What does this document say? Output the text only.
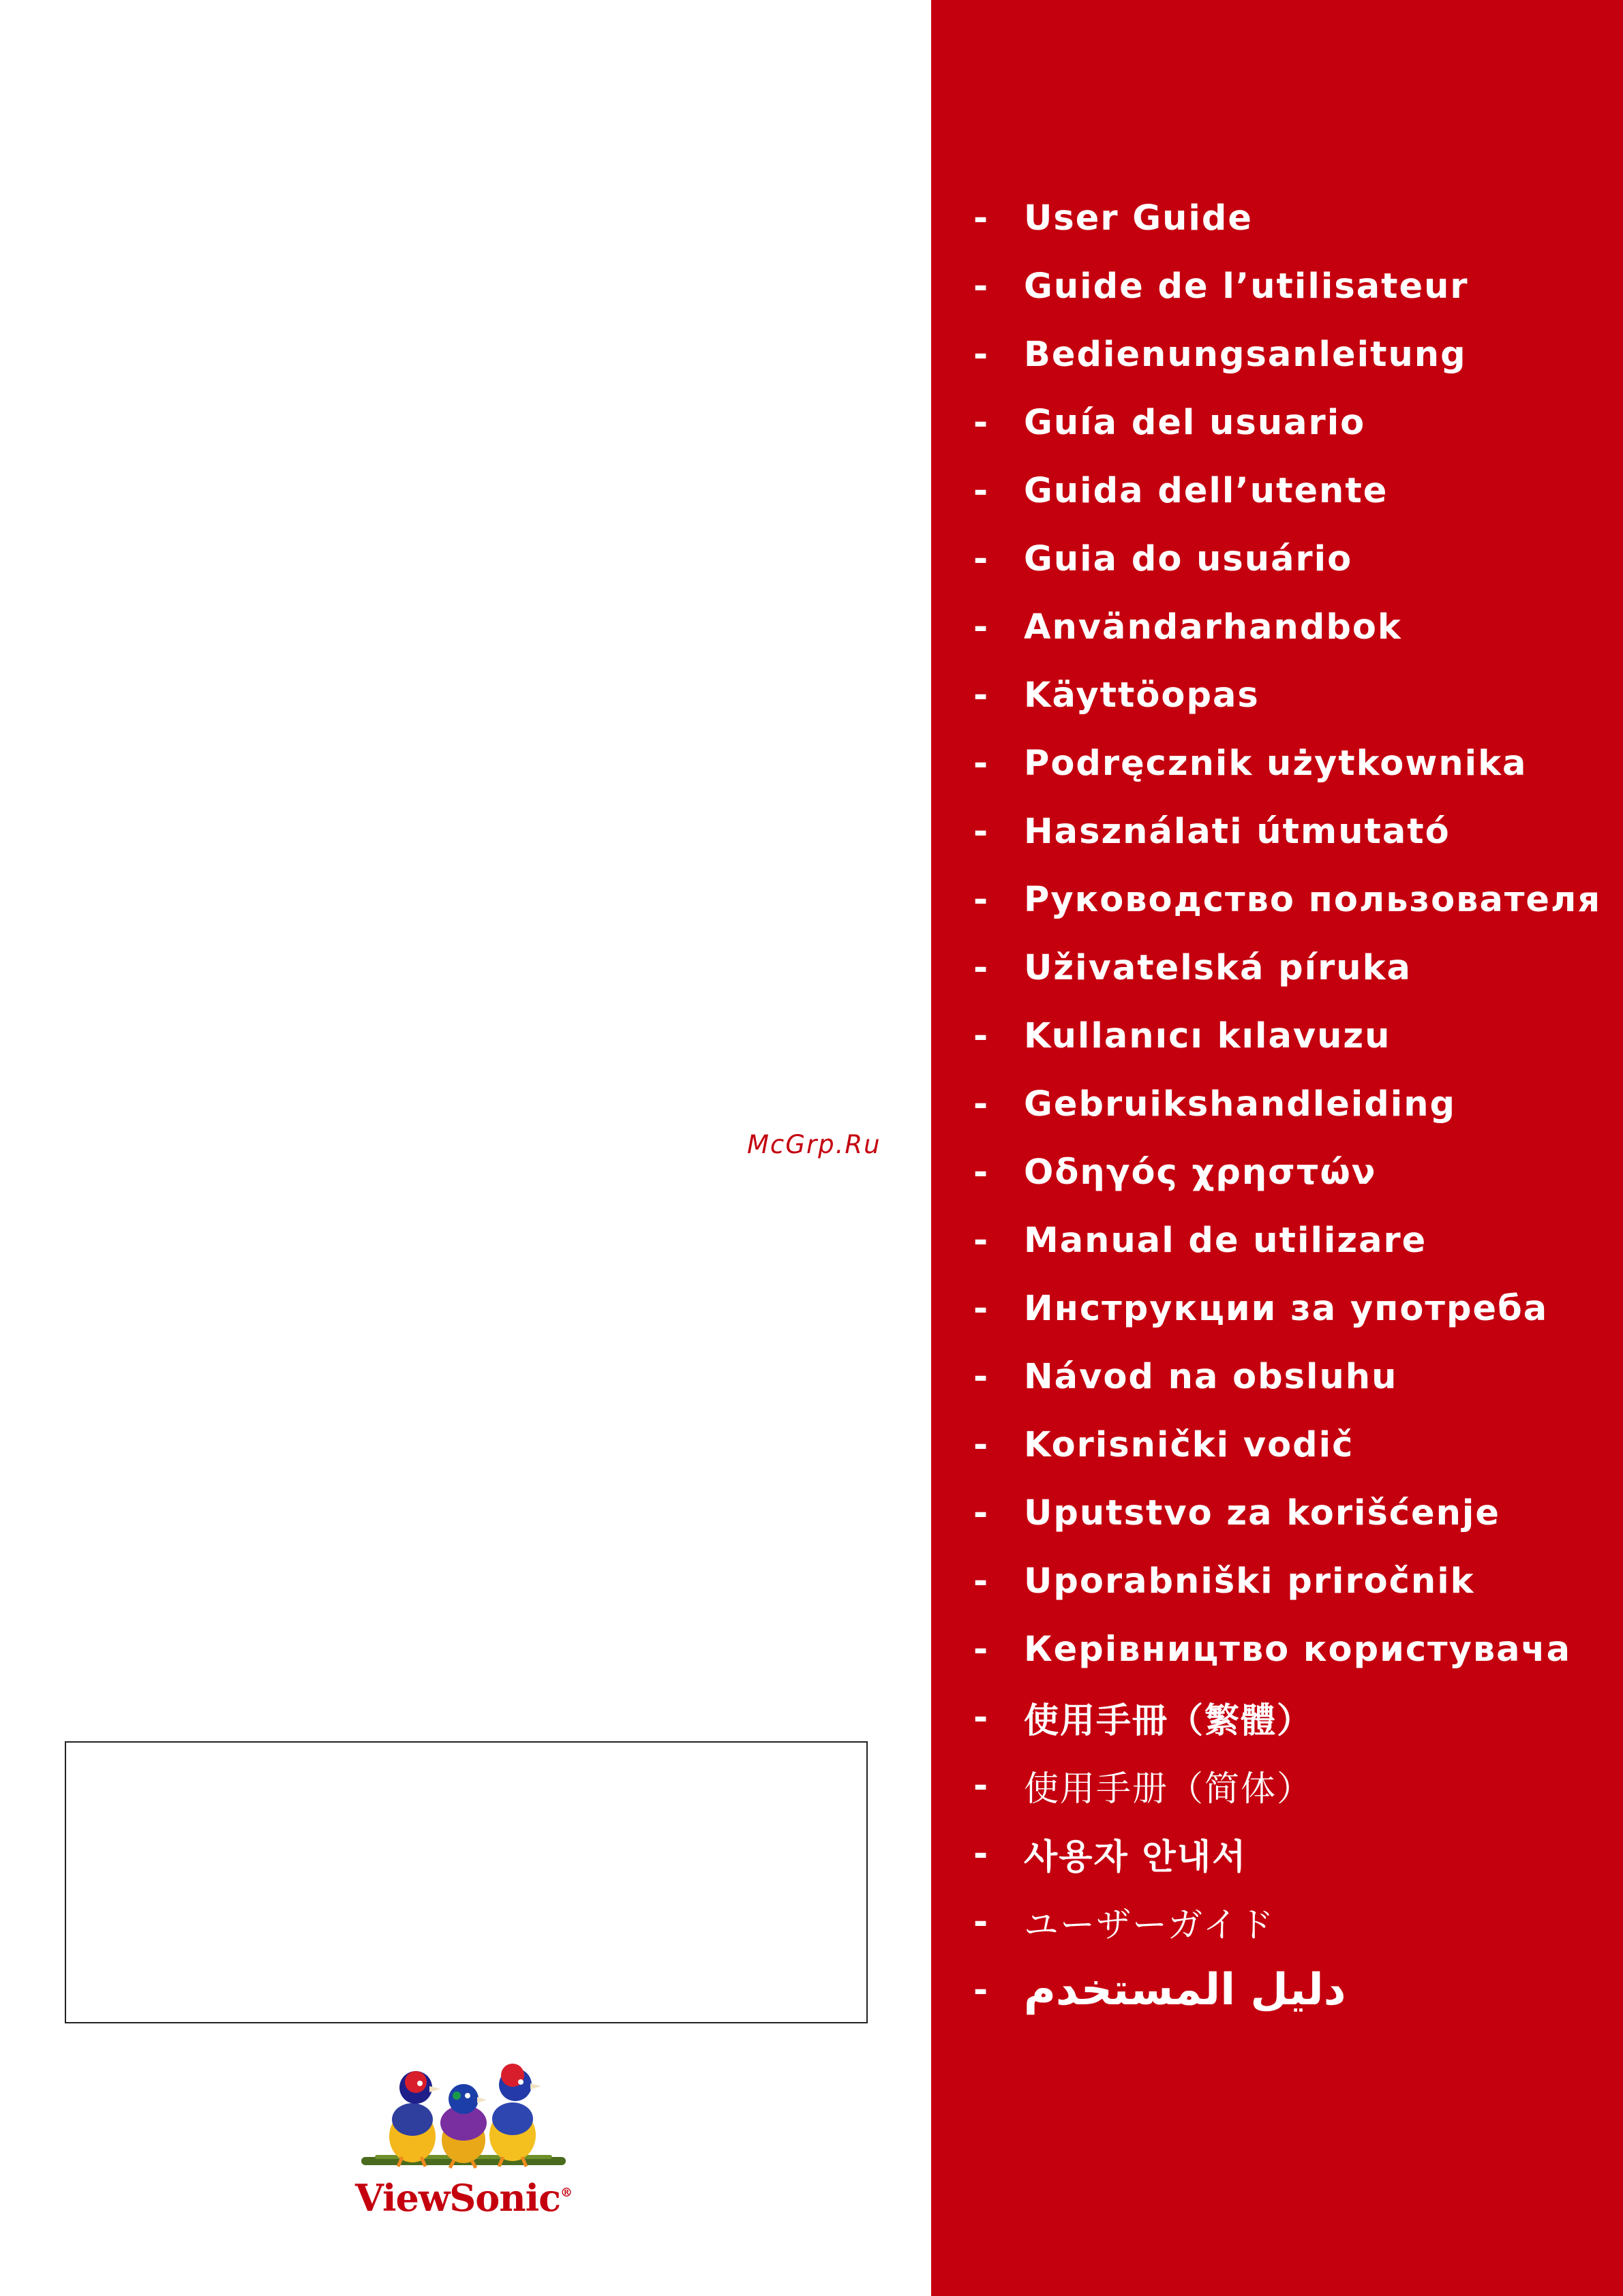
- User Guide
- Guide de l’utilisateur
- Bedienungsanleitung
- Guía del usuario
- Guida dell’utente
- Guia do usuário
- Användarhandbok
- Käyttöopas
- Podręcznik użytkownika
- Használati útmutató
- Руководство пользователя
- Uživatelská píruka
- Kullanıcı kılavuzu
- Gebruikshandleiding
- Οδηγός χρηστών
- Manual de utilizare
- Инструкции за употреба
- Návod na obsluhu
- Korisnički vodič
- Uputstvo za korišćenje
- Uporabniški priročnik
- Керівництво користувача
- 使用手冊（繁體）
- 使用手册（简体）
- 사용자 안내서
- ユーザーガイド
- دليل المستخدم
McGrp.Ru
ViewSonic®
